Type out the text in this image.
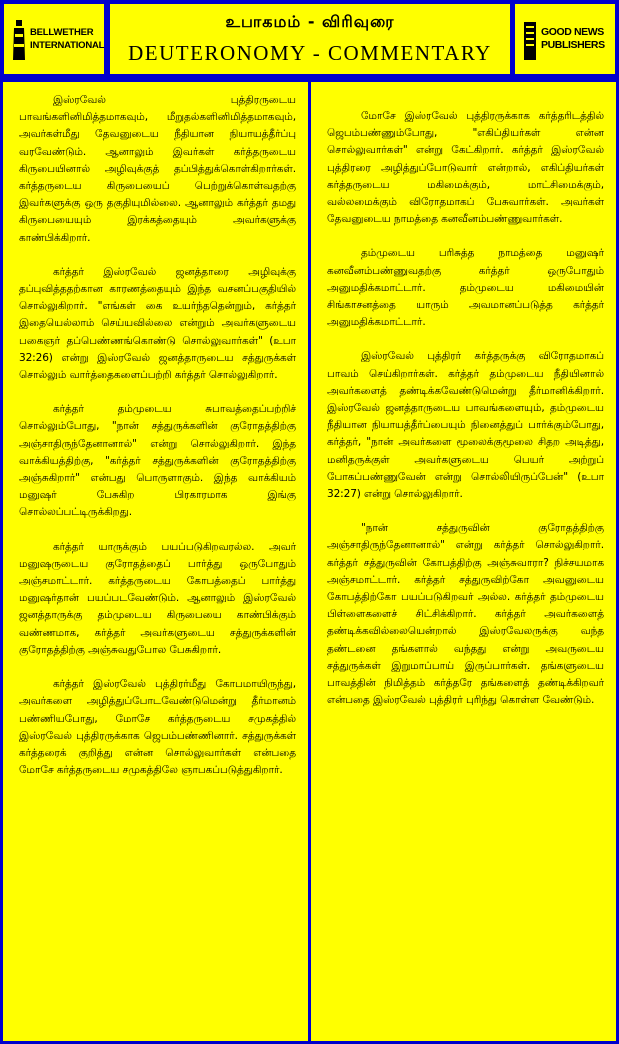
BELLWETHER
INTERNATIONAL
உபாகமம் - விரிவுரை
DEUTERONOMY - COMMENTARY
GOOD NEWS
PUBLISHERS

இஸ்ரவேல் புத்திரருடைய பாவங்களினிமித்தமாகவும், மீறுதல்களினிமித்தமாகவும், அவர்கள்மீது தேவனுடைய நீதியான நியாயத்தீர்ப்பு வரவேண்டும். ஆனாலும் இவர்கள் கர்த்தருடைய கிருபையினால் அழிவுக்குத் தப்பித்துக்கொள்கிறார்கள். கர்த்தருடைய கிருபையைப் பெற்றுக்கொள்வதற்கு இவர்களுக்கு ஒரு தகுதியுமில்லை. ஆனாலும் கர்த்தர் தமது கிருபையையும் இரக்கத்தையும் அவர்களுக்கு காண்பிக்கிறார்.

கர்த்தர் இஸ்ரவேல் ஜனத்தாரை அழிவுக்கு தப்புவித்ததற்கான காரணத்தையும் இந்த வசனப்பகுதியில் சொல்லுகிறார். "எங்கள் கை உயர்ந்ததென்றும், கர்த்தர் இதையெல்லாம் செய்யவில்லை என்றும் அவர்களுடைய பகைஞர் தப்பெண்ணங்கொண்டு சொல்லுவார்கள்" (உபா 32:26) என்று இஸ்ரவேல் ஜனத்தாருடைய சத்துருக்கள் சொல்லும் வார்த்தைகளைப்பற்றி கர்த்தர் சொல்லுகிறார்.

கர்த்தர் தம்முடைய சுபாவத்தைப்பற்றிச் சொல்லும்போது, "நான் சத்துருக்களின் குரோதத்திற்கு அஞ்சாதிருந்தேனானால்" என்று சொல்லுகிறார். இந்த வாக்கியத்திற்கு, "கர்த்தர் சத்துருக்களின் குரோதத்திற்கு அஞ்சுகிறார்" என்பது பொருளாகும். இந்த வாக்கியம் மனுஷர் பேசுகிற பிரகாரமாக இங்கு சொல்லப்பட்டிருக்கிறது.

கர்த்தர் யாருக்கும் பயப்படுகிறவரல்ல. அவர் மனுஷருடைய குரோதத்தைப் பார்த்து ஒருபோதும் அஞ்சமாட்டார். கர்த்தருடைய கோபத்தைப் பார்த்து மனுஷர்தான் பயப்படவேண்டும். ஆனாலும் இஸ்ரவேல் ஜனத்தாருக்கு தம்முடைய கிருபையை காண்பிக்கும் வண்ணமாக, கர்த்தர் அவர்களுடைய சத்துருக்களின் குரோதத்திற்கு அஞ்சுவதுபோல பேசுகிறார்.

கர்த்தர் இஸ்ரவேல் புத்திரர்மீது கோபமாயிருந்து, அவர்களை அழித்துப்போடவேண்டுமென்று தீர்மானம் பண்ணியபோது, மோசே கர்த்தருடைய சமுகத்தில் இஸ்ரவேல் புத்திரருக்காக ஜெபம்பண்ணினார். சத்துருக்கள் கர்த்தரைக் குறித்து என்ன சொல்லுவார்கள் என்பதை மோசே கர்த்தருடைய சமுகத்திலே ஞாபகப்படுத்துகிறார்.

மோசே இஸ்ரவேல் புத்திரருக்காக கர்த்தரிடத்தில் ஜெபம்பண்ணும்போது, "எகிப்தியர்கள் என்ன சொல்லுவார்கள்" என்று கேட்கிறார். கர்த்தர் இஸ்ரவேல் புத்திரரை அழித்துப்போடுவார் என்றால், எகிப்தியர்கள் கர்த்தருடைய மகிமைக்கும், மாட்சிமைக்கும், வல்லமைக்கும் விரோதமாகப் பேசுவார்கள். அவர்கள் தேவனுடைய நாமத்தை கனவீனம்பண்ணுவார்கள்.

தம்முடைய பரிசுத்த நாமத்தை மனுஷர் கனவீனம்பண்ணுவதற்கு கர்த்தர் ஒருபோதும் அனுமதிக்கமாட்டார். தம்முடைய மகிமையின் சிங்காசனத்தை யாரும் அவமானப்படுத்த கர்த்தர் அனுமதிக்கமாட்டார்.

இஸ்ரவேல் புத்திரர் கர்த்தருக்கு விரோதமாகப் பாவம் செய்கிறார்கள். கர்த்தர் தம்முடைய நீதியினால் அவர்களைத் தண்டிக்கவேண்டுமென்று தீர்மானிக்கிறார். இஸ்ரவேல் ஜனத்தாருடைய பாவங்களையும், தம்முடைய நீதியான நியாயத்தீர்ப்பையும் நினைத்துப் பார்க்கும்போது, கர்த்தர், "நான் அவர்களை மூலைக்குமூலை சிதற அடித்து, மனிதருக்குள் அவர்களுடைய பெயர் அற்றுப் போகப்பண்ணுவேன் என்று சொல்லியிருப்பேன்" (உபா 32:27) என்று சொல்லுகிறார்.

"நான் சத்துருவின் குரோதத்திற்கு அஞ்சாதிருந்தேனானால்" என்று கர்த்தர் சொல்லுகிறார். கர்த்தர் சத்துருவின் கோபத்திற்கு அஞ்சுவாரா? நிச்சயமாக அஞ்சமாட்டார். கர்த்தர் சத்துருவிற்கோ அவனுடைய கோபத்திற்கோ பயப்படுகிறவர் அல்ல. கர்த்தர் தம்முடைய பிள்ளைகளைச் சிட்சிக்கிறார். கர்த்தர் அவர்களைத் தண்டிக்கவில்லையென்றால் இஸ்ரவேலருக்கு வந்த தண்டனை தங்களால் வந்தது என்று அவருடைய சத்துருக்கள் இறுமாப்பாய் இருப்பார்கள். தங்களுடைய பாவத்தின் நிமித்தம் கர்த்தரே தங்களைத் தண்டிக்கிறவர் என்பதை இஸ்ரவேல் புத்திரர் புரிந்து கொள்ள வேண்டும்.
